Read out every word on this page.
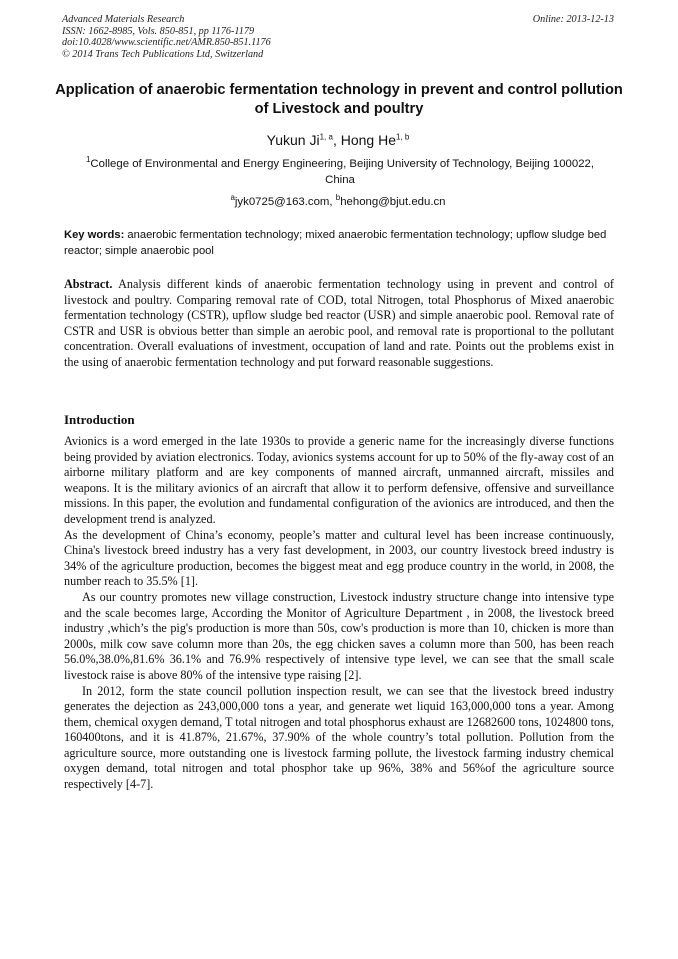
Advanced Materials Research
ISSN: 1662-8985, Vols. 850-851, pp 1176-1179
doi:10.4028/www.scientific.net/AMR.850-851.1176
© 2014 Trans Tech Publications Ltd, Switzerland
Online: 2013-12-13
Application of anaerobic fermentation technology in prevent and control pollution of Livestock and poultry
Yukun Ji$^{1, a}$, Hong He$^{1, b}$
$^1$College of Environmental and Energy Engineering, Beijing University of Technology, Beijing 100022, China
$^a$jyk0725@163.com, $^b$hehong@bjut.edu.cn
Key words: anaerobic fermentation technology; mixed anaerobic fermentation technology; upflow sludge bed reactor; simple anaerobic pool
Abstract. Analysis different kinds of anaerobic fermentation technology using in prevent and control of livestock and poultry. Comparing removal rate of COD, total Nitrogen, total Phosphorus of Mixed anaerobic fermentation technology (CSTR), upflow sludge bed reactor (USR) and simple anaerobic pool. Removal rate of CSTR and USR is obvious better than simple an aerobic pool, and removal rate is proportional to the pollutant concentration. Overall evaluations of investment, occupation of land and rate. Points out the problems exist in the using of anaerobic fermentation technology and put forward reasonable suggestions.
Introduction

Avionics is a word emerged in the late 1930s to provide a generic name for the increasingly diverse functions being provided by aviation electronics. Today, avionics systems account for up to 50% of the fly-away cost of an airborne military platform and are key components of manned aircraft, unmanned aircraft, missiles and weapons. It is the military avionics of an aircraft that allow it to perform defensive, offensive and surveillance missions. In this paper, the evolution and fundamental configuration of the avionics are introduced, and then the development trend is analyzed.

As the development of China’s economy, people’s matter and cultural level has been increase continuously, China's livestock breed industry has a very fast development, in 2003, our country livestock breed industry is 34% of the agriculture production, becomes the biggest meat and egg produce country in the world, in 2008, the number reach to 35.5% [1].

As our country promotes new village construction, Livestock industry structure change into intensive type and the scale becomes large, According the Monitor of Agriculture Department , in 2008, the livestock breed industry ,which’s the pig's production is more than 50s, cow's production is more than 10, chicken is more than 2000s, milk cow save column more than 20s, the egg chicken saves a column more than 500, has been reach 56.0%,38.0%,81.6% 36.1% and 76.9% respectively of intensive type level, we can see that the small scale livestock raise is above 80% of the intensive type raising [2].

In 2012, form the state council pollution inspection result, we can see that the livestock breed industry generates the dejection as 243,000,000 tons a year, and generate wet liquid 163,000,000 tons a year. Among them, chemical oxygen demand, T total nitrogen and total phosphorus exhaust are 12682600 tons, 1024800 tons, 160400tons, and it is 41.87%, 21.67%, 37.90% of the whole country’s total pollution. Pollution from the agriculture source, more outstanding one is livestock farming pollute, the livestock farming industry chemical oxygen demand, total nitrogen and total phosphor take up 96%, 38% and 56%of the agriculture source respectively [4-7].
